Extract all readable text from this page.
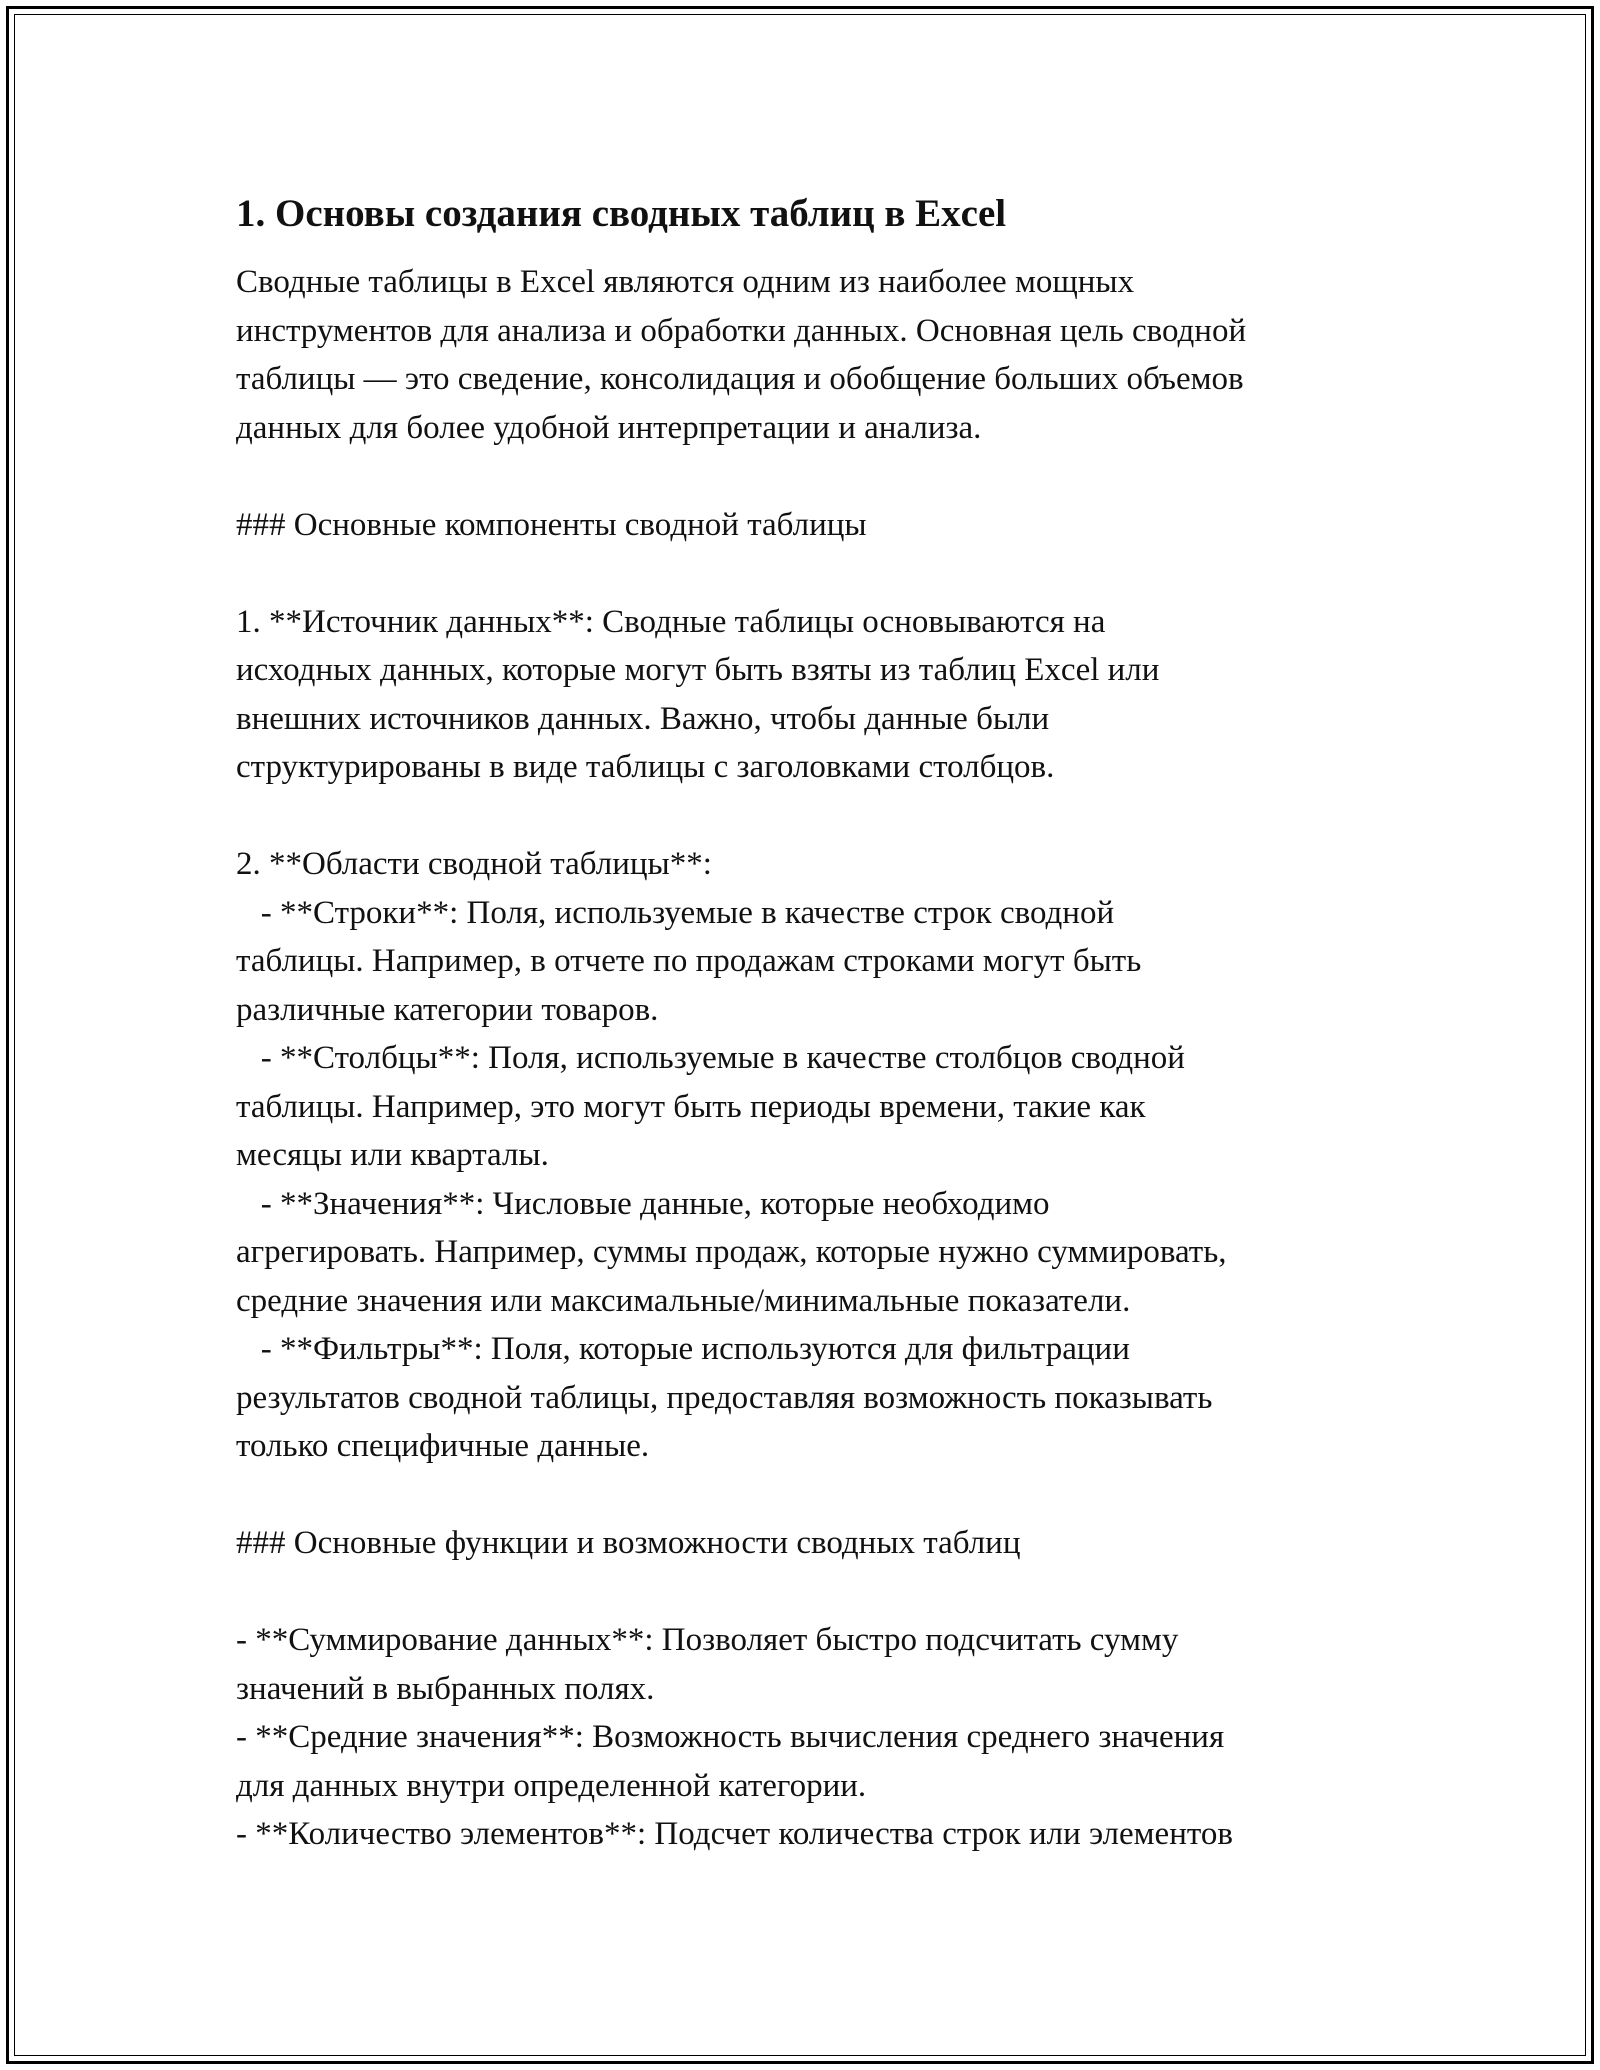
1. Основы создания сводных таблиц в Excel
Сводные таблицы в Excel являются одним из наиболее мощных
инструментов для анализа и обработки данных. Основная цель сводной
таблицы — это сведение, консолидация и обобщение больших объемов
данных для более удобной интерпретации и анализа.
### Основные компоненты сводной таблицы
1. **Источник данных**: Сводные таблицы основываются на
исходных данных, которые могут быть взяты из таблиц Excel или
внешних источников данных. Важно, чтобы данные были
структурированы в виде таблицы с заголовками столбцов.
2. **Области сводной таблицы**:
- **Строки**: Поля, используемые в качестве строк сводной
таблицы. Например, в отчете по продажам строками могут быть
различные категории товаров.
- **Столбцы**: Поля, используемые в качестве столбцов сводной
таблицы. Например, это могут быть периоды времени, такие как
месяцы или кварталы.
- **Значения**: Числовые данные, которые необходимо
агрегировать. Например, суммы продаж, которые нужно суммировать,
средние значения или максимальные/минимальные показатели.
- **Фильтры**: Поля, которые используются для фильтрации
результатов сводной таблицы, предоставляя возможность показывать
только специфичные данные.
### Основные функции и возможности сводных таблиц
- **Суммирование данных**: Позволяет быстро подсчитать сумму
значений в выбранных полях.
- **Средние значения**: Возможность вычисления среднего значения
для данных внутри определенной категории.
- **Количество элементов**: Подсчет количества строк или элементов
